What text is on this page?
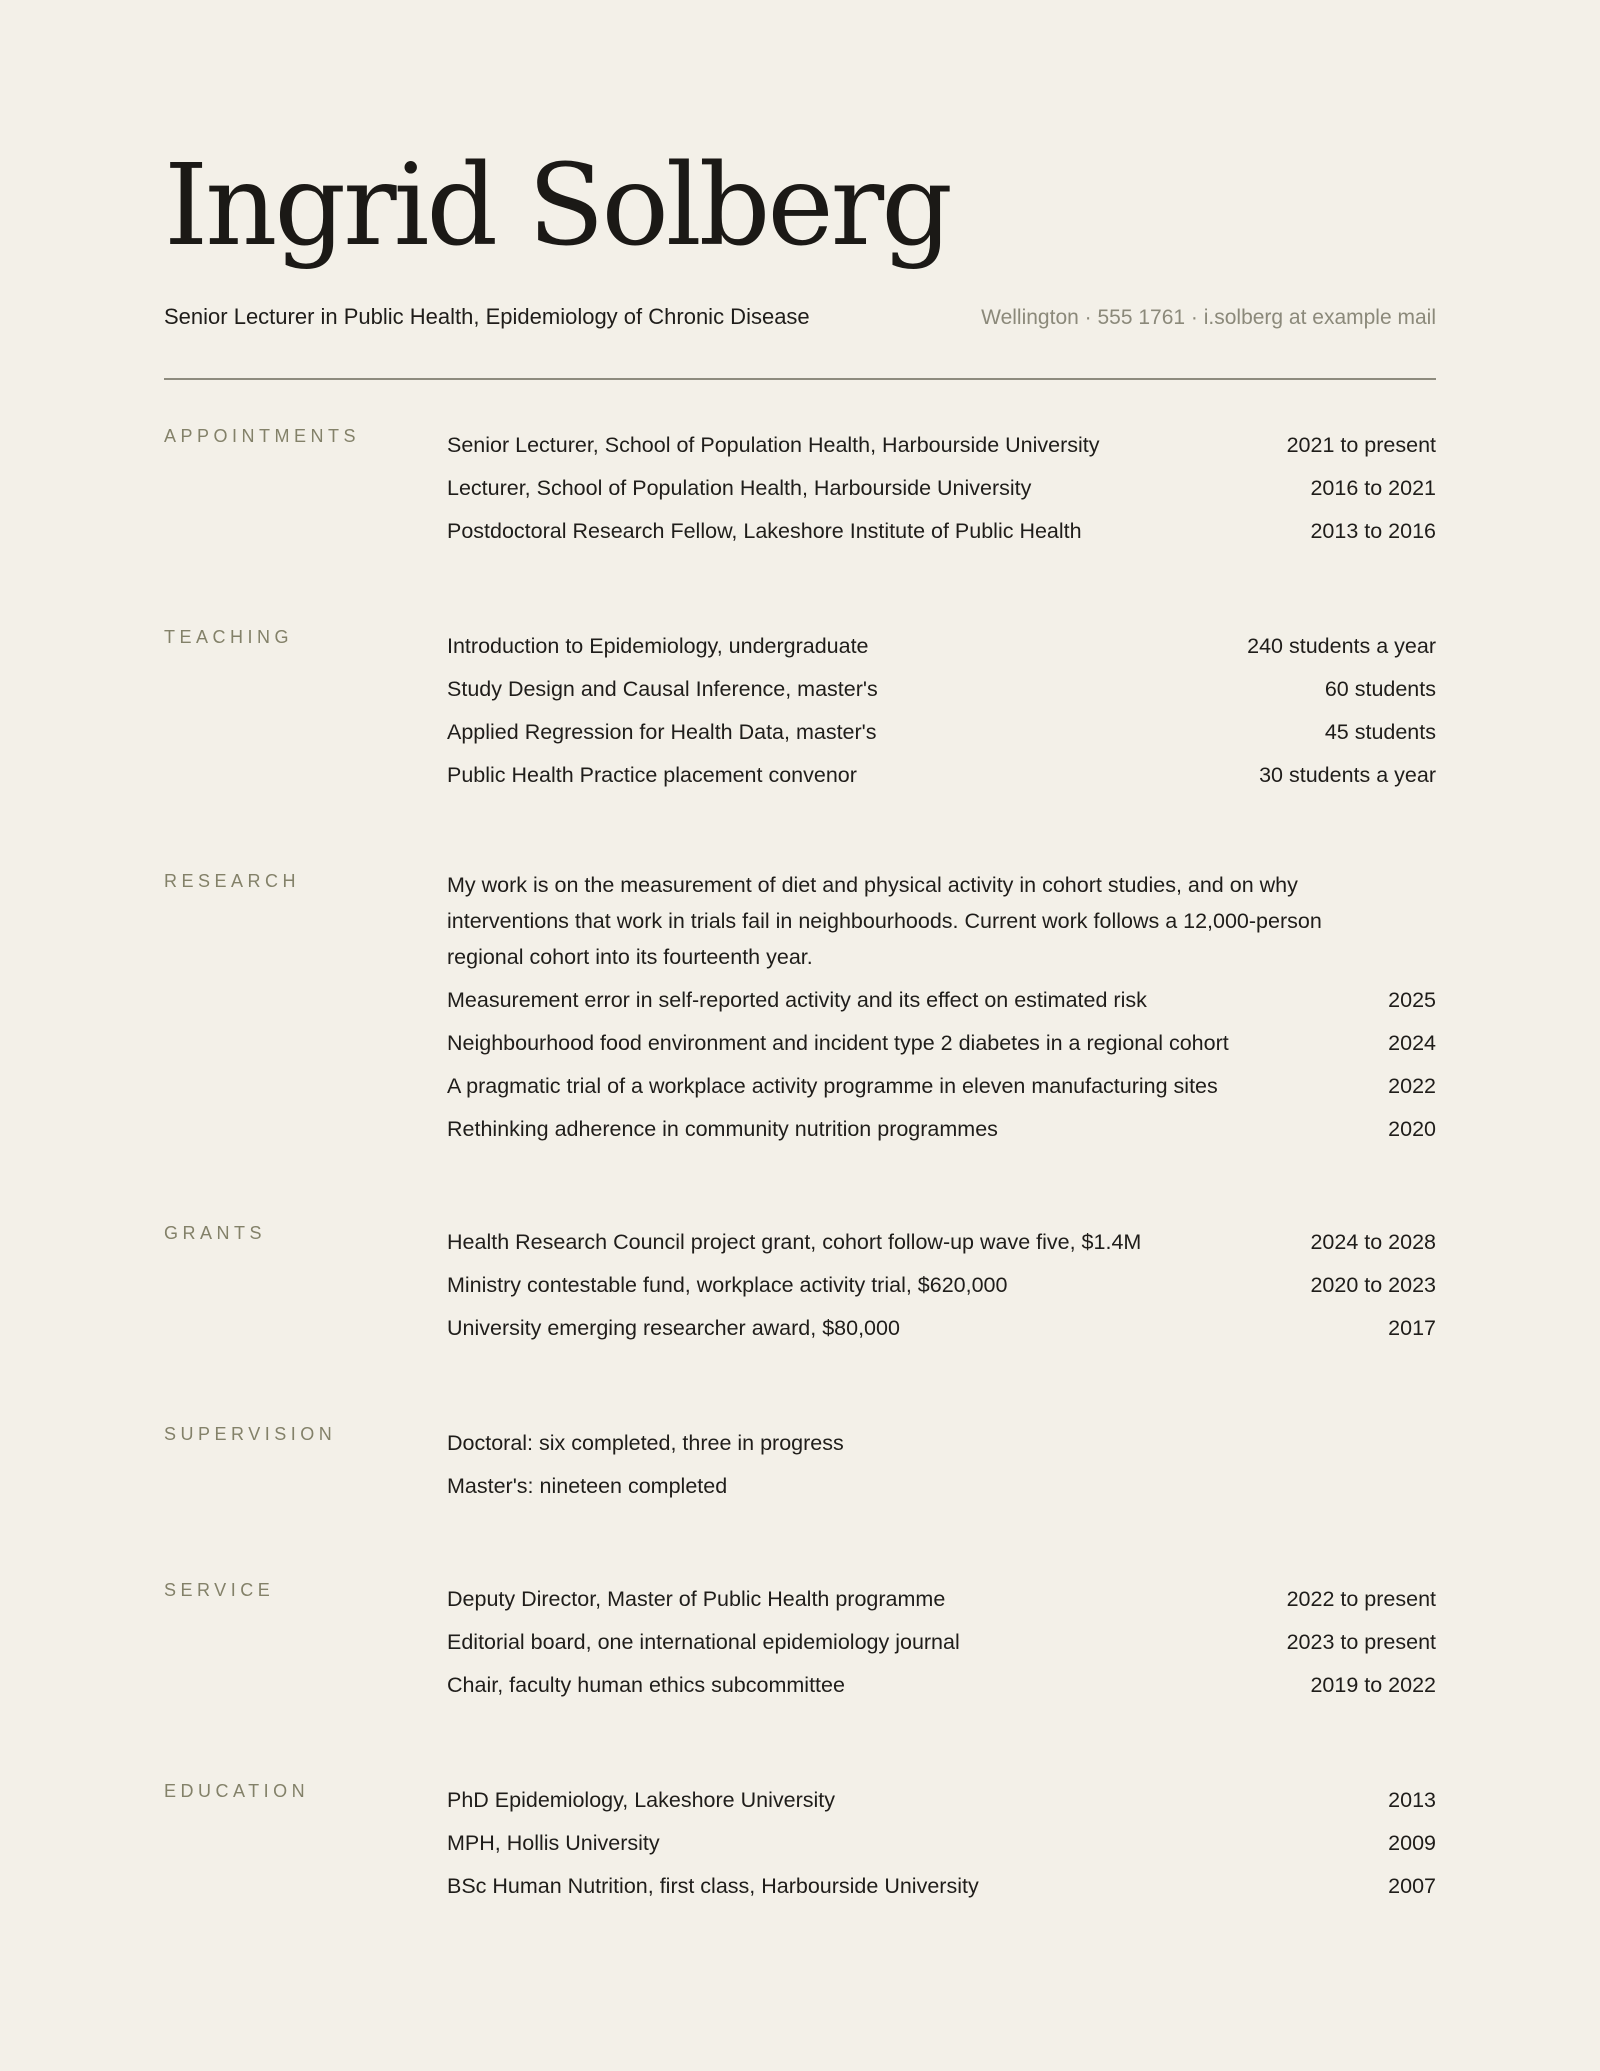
Ingrid Solberg
Senior Lecturer in Public Health, Epidemiology of Chronic Disease	Wellington · 555 1761 · i.solberg at example mail
APPOINTMENTS	Senior Lecturer, School of Population Health, Harbourside University	2021 to present
Lecturer, School of Population Health, Harbourside University	2016 to 2021
Postdoctoral Research Fellow, Lakeshore Institute of Public Health	2013 to 2016
TEACHING	Introduction to Epidemiology, undergraduate	240 students a year
Study Design and Causal Inference, master's	60 students
Applied Regression for Health Data, master's	45 students
Public Health Practice placement convenor	30 students a year
RESEARCH	My work is on the measurement of diet and physical activity in cohort studies, and on why interventions that work in trials fail in neighbourhoods. Current work follows a 12,000-person regional cohort into its fourteenth year.

Measurement error in self-reported activity and its effect on estimated risk	2025
Neighbourhood food environment and incident type 2 diabetes in a regional cohort	2024
A pragmatic trial of a workplace activity programme in eleven manufacturing sites	2022
Rethinking adherence in community nutrition programmes	2020
GRANTS	Health Research Council project grant, cohort follow-up wave five, $1.4M	2024 to 2028
Ministry contestable fund, workplace activity trial, $620,000	2020 to 2023
University emerging researcher award, $80,000	2017
SUPERVISION	Doctoral: six completed, three in progress
Master's: nineteen completed
SERVICE	Deputy Director, Master of Public Health programme	2022 to present
Editorial board, one international epidemiology journal	2023 to present
Chair, faculty human ethics subcommittee	2019 to 2022
EDUCATION	PhD Epidemiology, Lakeshore University	2013
MPH, Hollis University	2009
BSc Human Nutrition, first class, Harbourside University	2007
